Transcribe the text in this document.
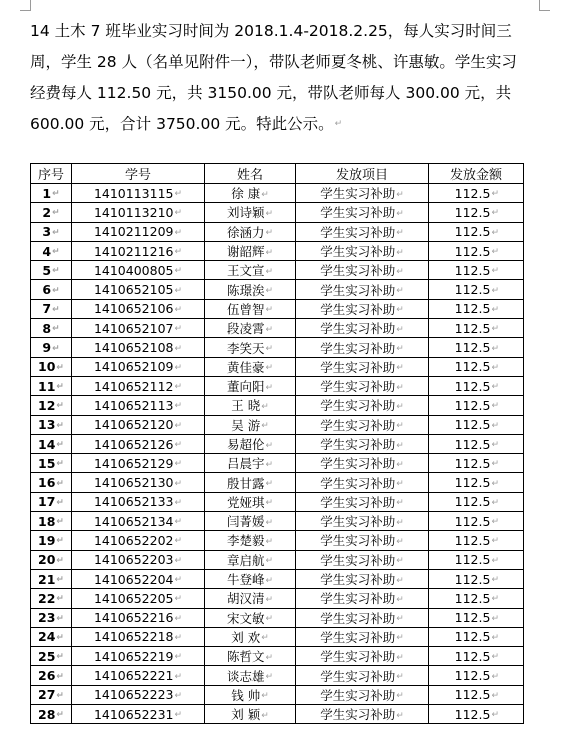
14 土木 7 班毕业实习时间为 2018.1.4-2018.2.25，每人实习时间三周，学生 28 人（名单见附件一），带队老师夏冬桃、许惠敏。学生实习经费每人 112.50 元，共 3150.00 元，带队老师每人 300.00 元，共 600.00 元，合计 3750.00 元。特此公示。↵
序号	学号	姓名	发放项目	发放金额
1↵	1410113115↵	徐 康↵	学生实习补助↵	112.5↵
2↵	1410113210↵	刘诗颖↵	学生实习补助↵	112.5↵
3↵	1410211209↵	徐涵力↵	学生实习补助↵	112.5↵
4↵	1410211216↵	谢韶辉↵	学生实习补助↵	112.5↵
5↵	1410400805↵	王文宣↵	学生实习补助↵	112.5↵
6↵	1410652105↵	陈璟涘↵	学生实习补助↵	112.5↵
7↵	1410652106↵	伍曾智↵	学生实习补助↵	112.5↵
8↵	1410652107↵	段凌霄↵	学生实习补助↵	112.5↵
9↵	1410652108↵	李笑天↵	学生实习补助↵	112.5↵
10↵	1410652109↵	黄佳豪↵	学生实习补助↵	112.5↵
11↵	1410652112↵	董向阳↵	学生实习补助↵	112.5↵
12↵	1410652113↵	王 晓↵	学生实习补助↵	112.5↵
13↵	1410652120↵	吴 游↵	学生实习补助↵	112.5↵
14↵	1410652126↵	易超伦↵	学生实习补助↵	112.5↵
15↵	1410652129↵	吕晨宇↵	学生实习补助↵	112.5↵
16↵	1410652130↵	殷甘露↵	学生实习补助↵	112.5↵
17↵	1410652133↵	党娅琪↵	学生实习补助↵	112.5↵
18↵	1410652134↵	闫菁媛↵	学生实习补助↵	112.5↵
19↵	1410652202↵	李楚毅↵	学生实习补助↵	112.5↵
20↵	1410652203↵	章启航↵	学生实习补助↵	112.5↵
21↵	1410652204↵	牛登峰↵	学生实习补助↵	112.5↵
22↵	1410652205↵	胡汉清↵	学生实习补助↵	112.5↵
23↵	1410652216↵	宋文敏↵	学生实习补助↵	112.5↵
24↵	1410652218↵	刘 欢↵	学生实习补助↵	112.5↵
25↵	1410652219↵	陈哲文↵	学生实习补助↵	112.5↵
26↵	1410652221↵	谈志雄↵	学生实习补助↵	112.5↵
27↵	1410652223↵	钱 帅↵	学生实习补助↵	112.5↵
28↵	1410652231↵	刘 颖↵	学生实习补助↵	112.5↵
